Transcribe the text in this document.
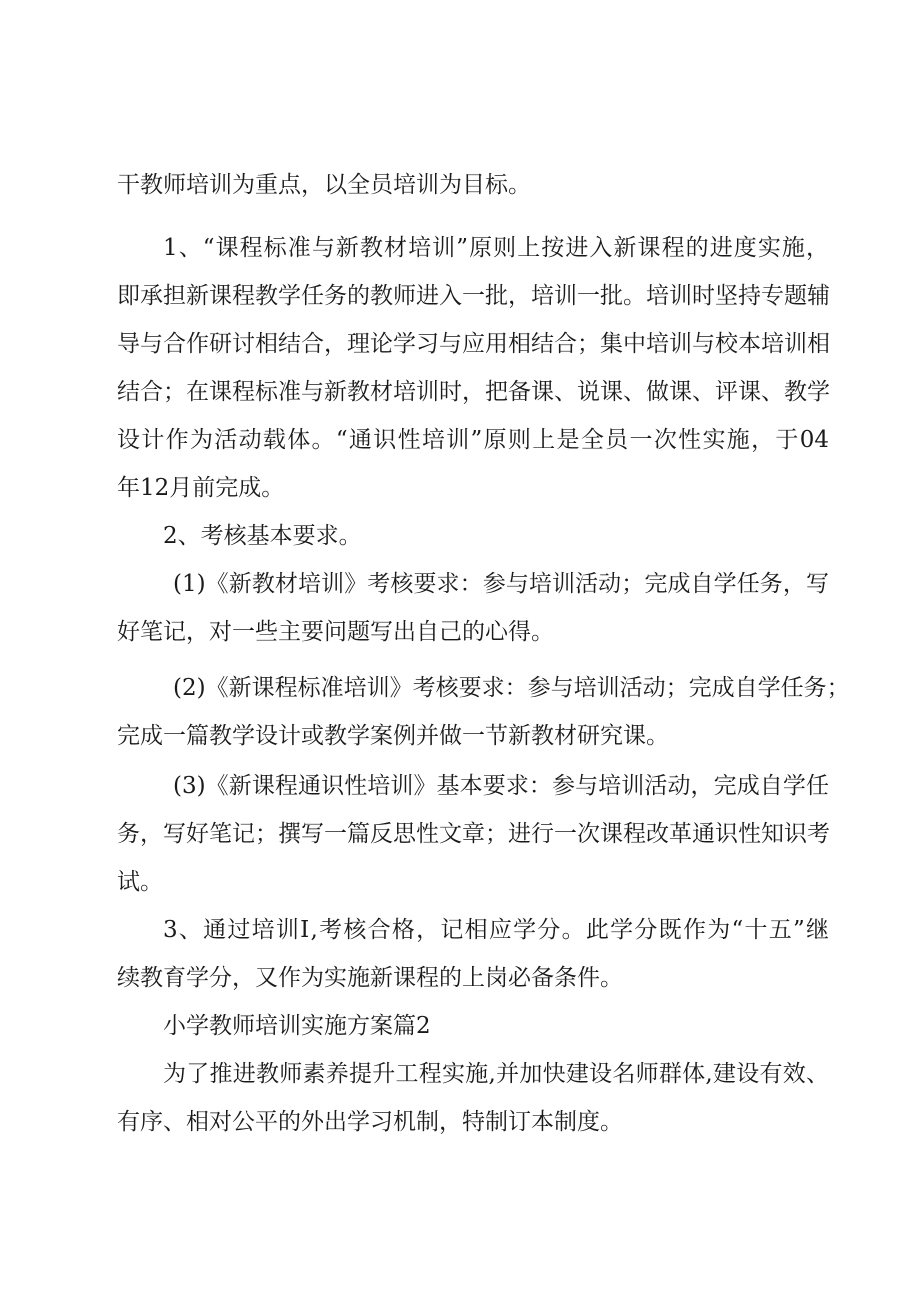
干教师培训为重点，以全员培训为目标。
1、“课程标准与新教材培训”原则上按进入新课程的进度实施，
即承担新课程教学任务的教师进入一批，培训一批。培训时坚持专题辅
导与合作研讨相结合，理论学习与应用相结合；集中培训与校本培训相
结合；在课程标准与新教材培训时，把备课、说课、做课、评课、教学
设计作为活动载体。“通识性培训”原则上是全员一次性实施，于04
年12月前完成。
2、考核基本要求。
(1)《新教材培训》考核要求：参与培训活动；完成自学任务，写
好笔记，对一些主要问题写出自己的心得。
(2)《新课程标准培训》考核要求：参与培训活动；完成自学任务；
完成一篇教学设计或教学案例并做一节新教材研究课。
(3)《新课程通识性培训》基本要求：参与培训活动，完成自学任
务，写好笔记；撰写一篇反思性文章；进行一次课程改革通识性知识考
试。
3、通过培训Ⅰ,考核合格，记相应学分。此学分既作为“十五”继
续教育学分，又作为实施新课程的上岗必备条件。
小学教师培训实施方案篇2
为了推进教师素养提升工程实施,并加快建设名师群体,建设有效、
有序、相对公平的外出学习机制，特制订本制度。
